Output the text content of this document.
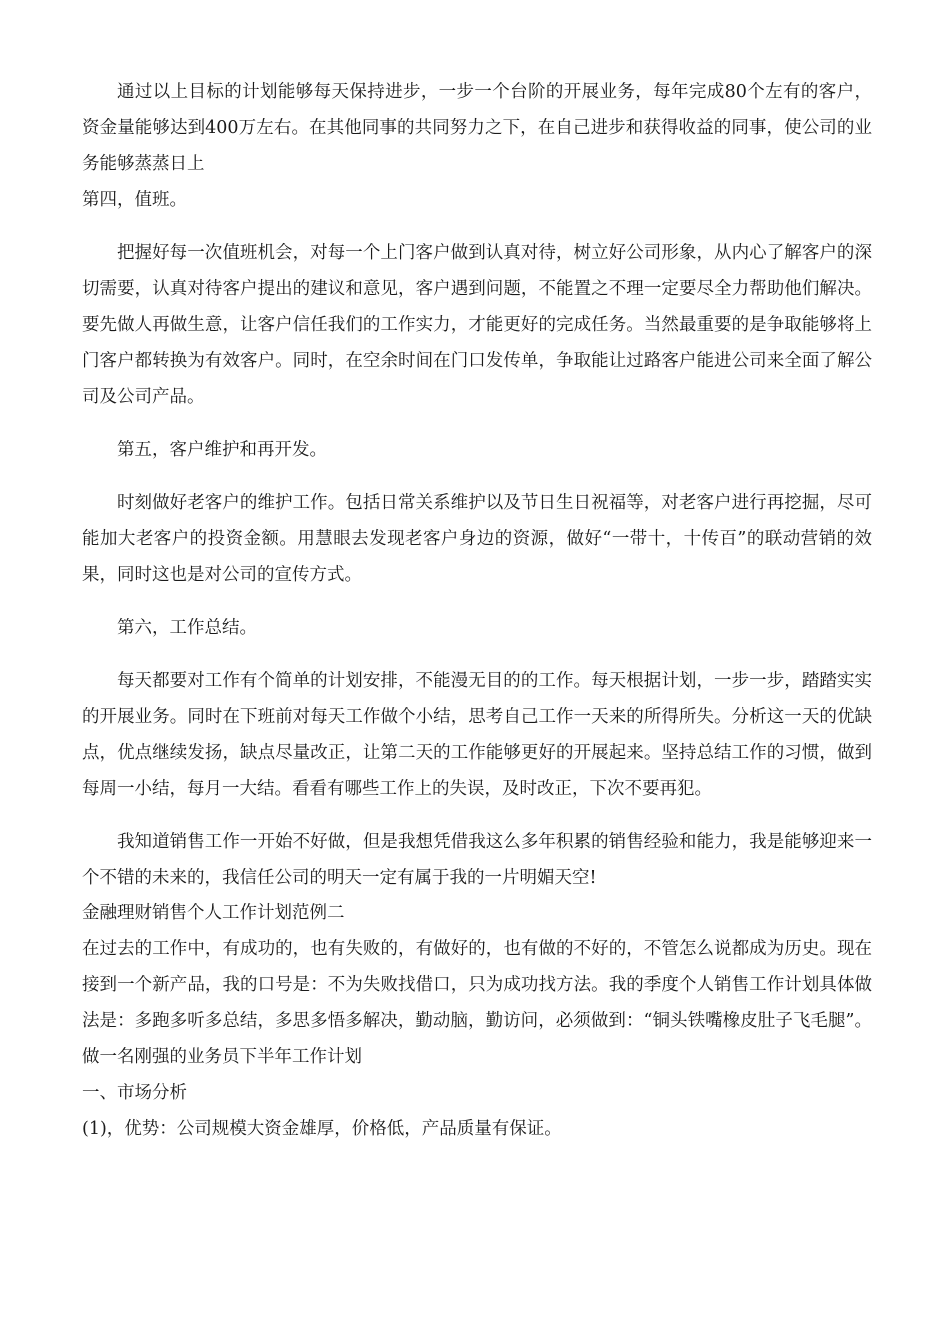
通过以上目标的计划能够每天保持进步，一步一个台阶的开展业务，每年完成80个左有的客户，资金量能够达到400万左右。在其他同事的共同努力之下，在自己进步和获得收益的同事，使公司的业务能够蒸蒸日上

第四，值班。

把握好每一次值班机会，对每一个上门客户做到认真对待，树立好公司形象，从内心了解客户的深切需要，认真对待客户提出的建议和意见，客户遇到问题，不能置之不理一定要尽全力帮助他们解决。要先做人再做生意，让客户信任我们的工作实力，才能更好的完成任务。当然最重要的是争取能够将上门客户都转换为有效客户。同时，在空余时间在门口发传单，争取能让过路客户能进公司来全面了解公司及公司产品。

第五，客户维护和再开发。

时刻做好老客户的维护工作。包括日常关系维护以及节日生日祝福等，对老客户进行再挖掘，尽可能加大老客户的投资金额。用慧眼去发现老客户身边的资源，做好“一带十，十传百”的联动营销的效果，同时这也是对公司的宣传方式。

第六，工作总结。

每天都要对工作有个简单的计划安排，不能漫无目的的工作。每天根据计划，一步一步，踏踏实实的开展业务。同时在下班前对每天工作做个小结，思考自己工作一天来的所得所失。分析这一天的优缺点，优点继续发扬，缺点尽量改正，让第二天的工作能够更好的开展起来。坚持总结工作的习惯，做到每周一小结，每月一大结。看看有哪些工作上的失误，及时改正，下次不要再犯。

我知道销售工作一开始不好做，但是我想凭借我这么多年积累的销售经验和能力，我是能够迎来一个不错的未来的，我信任公司的明天一定有属于我的一片明媚天空!

金融理财销售个人工作计划范例二

在过去的工作中，有成功的，也有失败的，有做好的，也有做的不好的，不管怎么说都成为历史。现在接到一个新产品，我的口号是：不为失败找借口，只为成功找方法。我的季度个人销售工作计划具体做法是：多跑多听多总结，多思多悟多解决，勤动脑，勤访问，必须做到：“铜头铁嘴橡皮肚子飞毛腿”。做一名刚强的业务员下半年工作计划

一、市场分析

(1)，优势：公司规模大资金雄厚，价格低，产品质量有保证。
